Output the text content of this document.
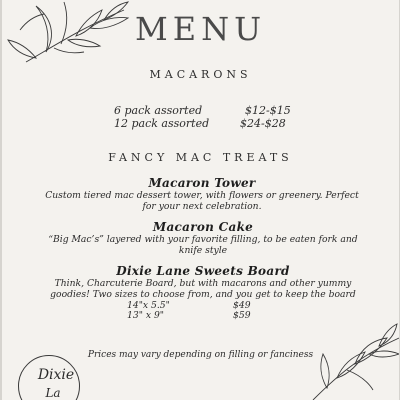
MENU
MACARONS
6 pack assorted	$12-$15
12 pack assorted	$24-$28
FANCY MAC TREATS
Macaron Tower
Custom tiered mac dessert tower, with flowers or greenery. Perfect for your next celebration.
Macaron Cake
“Big Mac’s” layered with your favorite filling, to be eaten fork and knife style
Dixie Lane Sweets Board
Think, Charcuterie Board, but with macarons and other yummy goodies! Two sizes to choose from, and you get to keep the board
14"x 5.5"	$49
13" x 9"	$59
Prices may vary depending on filling or fanciness
Dixie
La
